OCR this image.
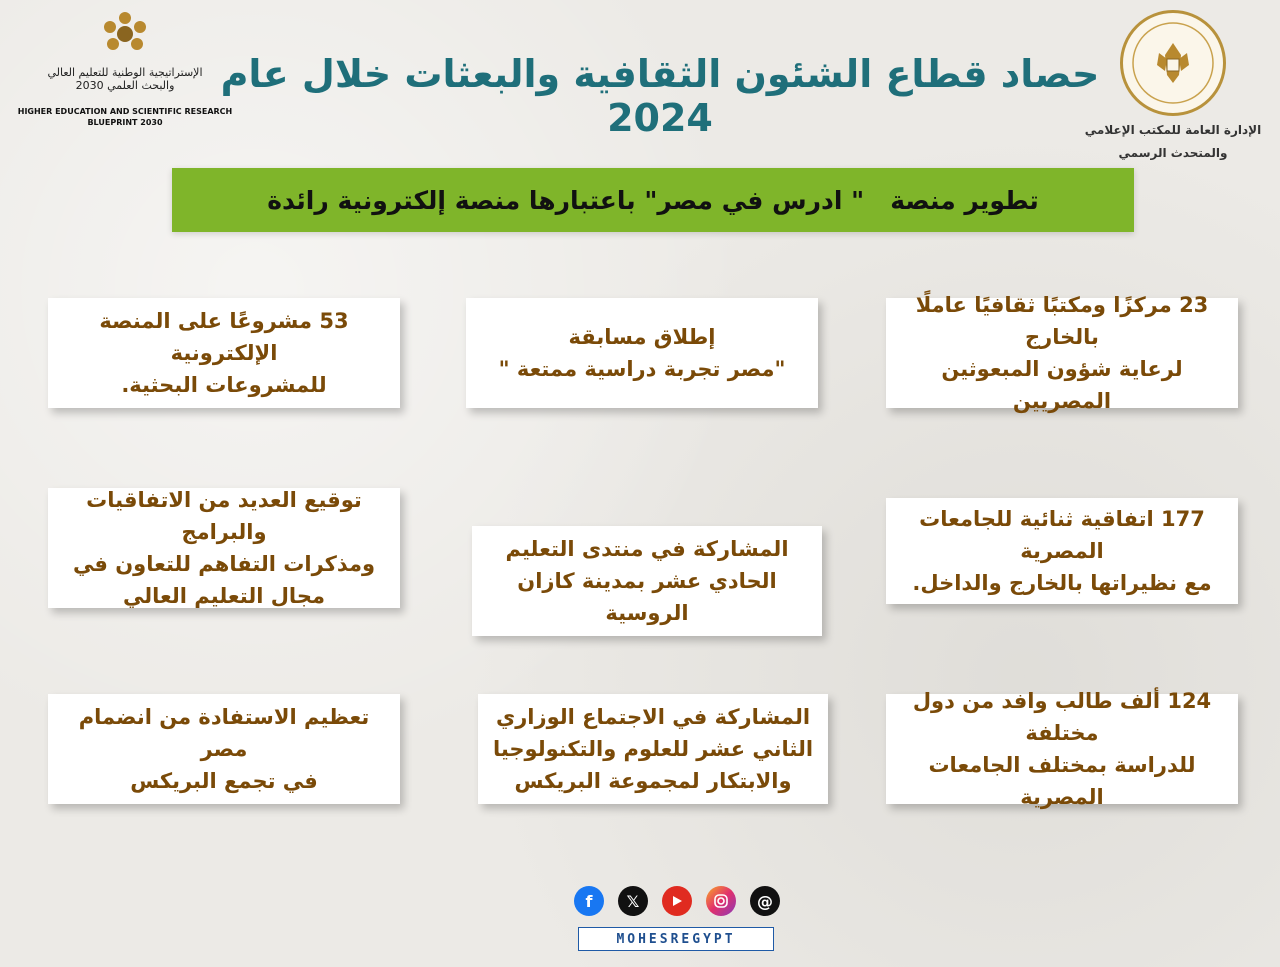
الإستراتيجية الوطنية للتعليم العالي
والبحث العلمي 2030
HIGHER EDUCATION AND SCIENTIFIC RESEARCH
BLUEPRINT 2030
الإدارة العامة للمكتب الإعلامي
والمتحدث الرسمي
حصاد قطاع الشئون الثقافية والبعثات خلال عام 2024
تطوير منصة   " ادرس في مصر" باعتبارها منصة إلكترونية رائدة
23 مركزًا ومكتبًا ثقافيًا عاملًا بالخارج
لرعاية شؤون المبعوثين المصريين
إطلاق مسابقة
"مصر تجربة دراسية ممتعة "
53 مشروعًا على المنصة الإلكترونية
للمشروعات البحثية.
177 اتفاقية ثنائية للجامعات المصرية
مع نظيراتها بالخارج والداخل.
المشاركة في منتدى التعليم
الحادي عشر بمدينة كازان الروسية
توقيع العديد من الاتفاقيات والبرامج
ومذكرات التفاهم للتعاون في
مجال التعليم العالي
124 ألف طالب وافد من دول مختلفة
للدراسة بمختلف الجامعات المصرية
المشاركة في الاجتماع الوزاري
الثاني عشر للعلوم والتكنولوجيا
والابتكار لمجموعة البريكس
تعظيم الاستفادة من انضمام مصر
في تجمع البريكس
f	𝕏	@
MOHESREGYPT
